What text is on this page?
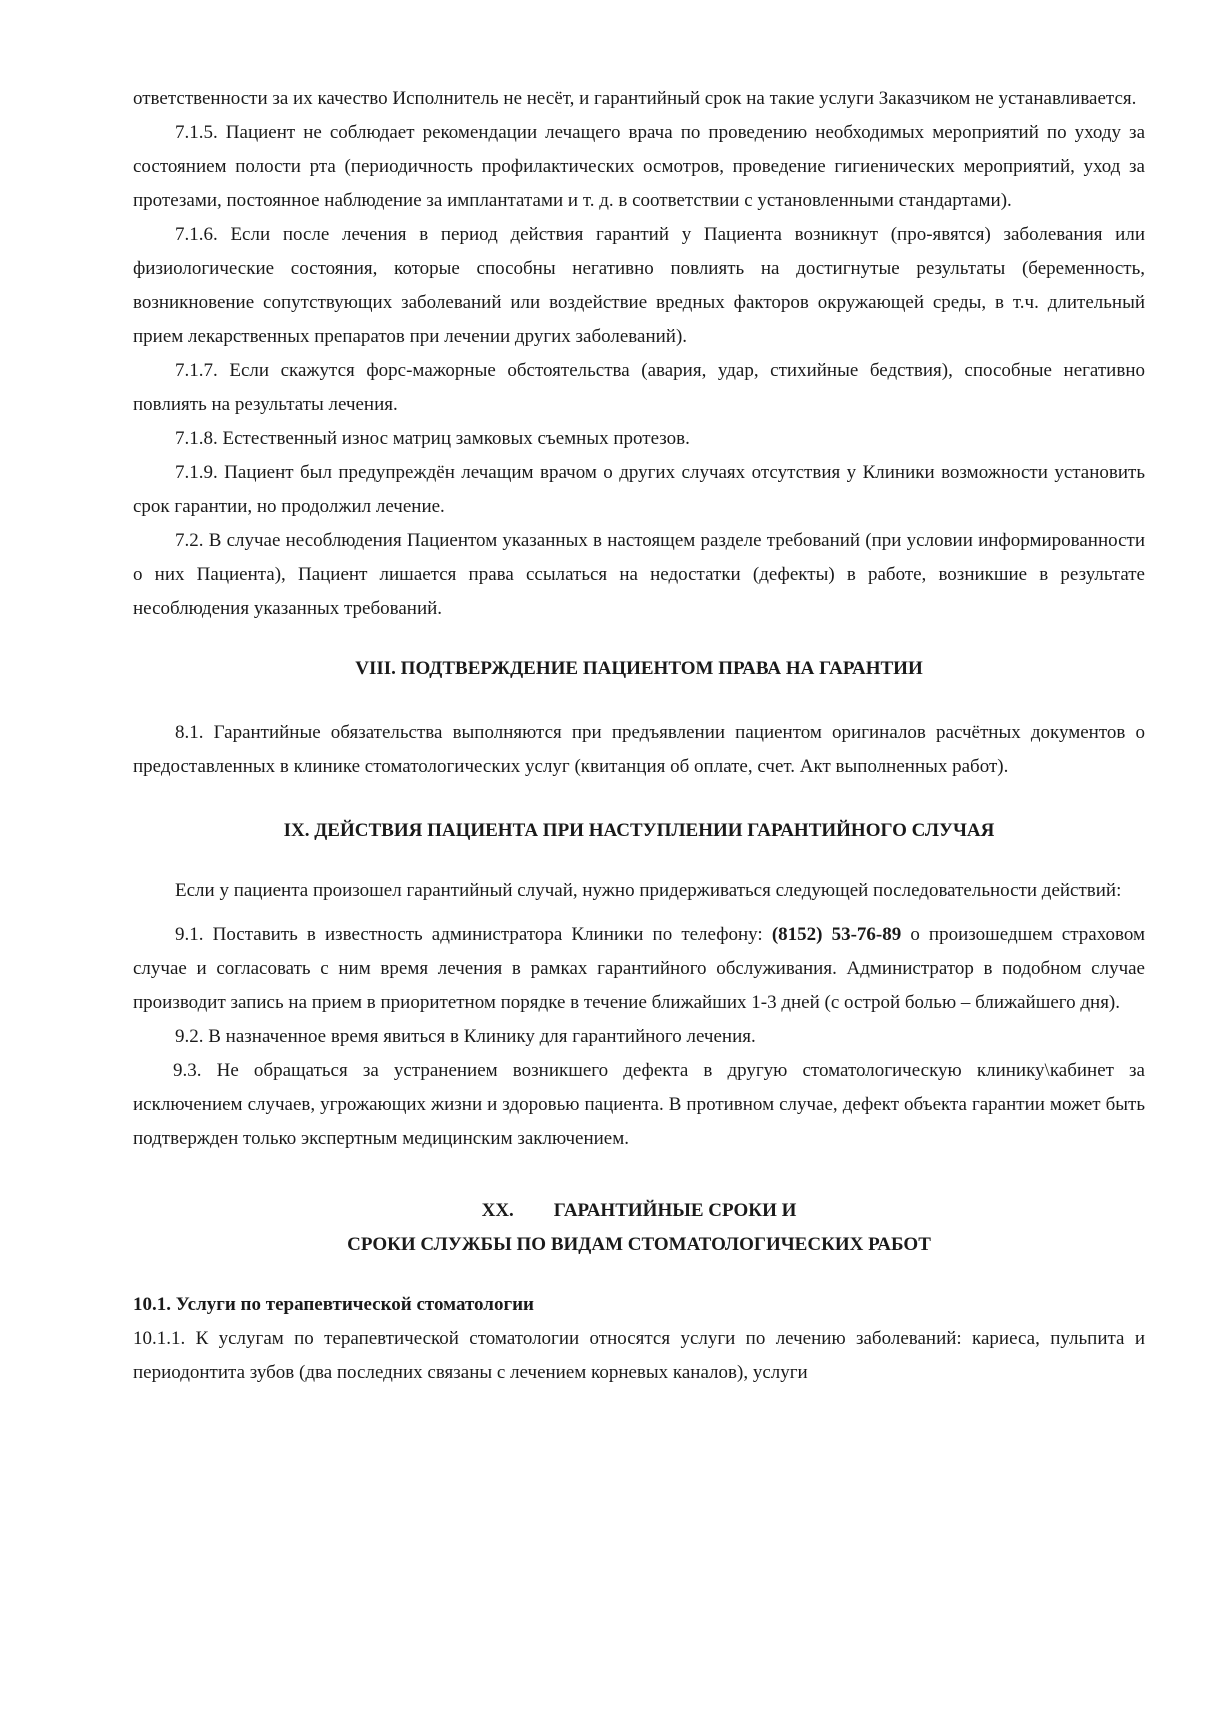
ответственности за их качество Исполнитель не несёт, и гарантийный срок на такие услуги Заказчиком не устанавливается.

7.1.5. Пациент не соблюдает рекомендации лечащего врача по проведению необходимых мероприятий по уходу за состоянием полости рта (периодичность профилактических осмотров, проведение гигиенических мероприятий, уход за протезами, постоянное наблюдение за имплантатами и т. д. в соответствии с установленными стандартами).

7.1.6. Если после лечения в период действия гарантий у Пациента возникнут (про-явятся) заболевания или физиологические состояния, которые способны негативно повлиять на достигнутые результаты (беременность, возникновение сопутствующих заболеваний или воздействие вредных факторов окружающей среды, в т.ч. длительный прием лекарственных препаратов при лечении других заболеваний).

7.1.7. Если скажутся форс-мажорные обстоятельства (авария, удар, стихийные бедствия), способные негативно повлиять на результаты лечения.

7.1.8. Естественный износ матриц замковых съемных протезов.

7.1.9. Пациент был предупреждён лечащим врачом о других случаях отсутствия у Клиники возможности установить срок гарантии, но продолжил лечение.

7.2. В случае несоблюдения Пациентом указанных в настоящем разделе требований (при условии информированности о них Пациента), Пациент лишается права ссылаться на недостатки (дефекты) в работе, возникшие в результате несоблюдения указанных требований.

VIII. ПОДТВЕРЖДЕНИЕ ПАЦИЕНТОМ ПРАВА НА ГАРАНТИИ

8.1. Гарантийные обязательства выполняются при предъявлении пациентом оригиналов расчётных документов о предоставленных в клинике стоматологических услуг (квитанция об оплате, счет. Акт выполненных работ).

IX. ДЕЙСТВИЯ ПАЦИЕНТА ПРИ НАСТУПЛЕНИИ ГАРАНТИЙНОГО СЛУЧАЯ

Если у пациента произошел гарантийный случай, нужно придерживаться следующей последовательности действий:

9.1. Поставить в известность администратора Клиники по телефону: (8152) 53-76-89 о произошедшем страховом случае и согласовать с ним время лечения в рамках гарантийного обслуживания. Администратор в подобном случае производит запись на прием в приоритетном порядке в течение ближайших 1-3 дней (с острой болью – ближайшего дня).

9.2. В назначенное время явиться в Клинику для гарантийного лечения.

9.3. Не обращаться за устранением возникшего дефекта в другую стоматологическую клинику\кабинет за исключением случаев, угрожающих жизни и здоровью пациента. В противном случае, дефект объекта гарантии может быть подтвержден только экспертным медицинским заключением.

XX. ГАРАНТИЙНЫЕ СРОКИ И
СРОКИ СЛУЖБЫ ПО ВИДАМ СТОМАТОЛОГИЧЕСКИХ РАБОТ

10.1. Услуги по терапевтической стоматологии

10.1.1. К услугам по терапевтической стоматологии относятся услуги по лечению заболеваний: кариеса, пульпита и периодонтита зубов (два последних связаны с лечением корневых каналов), услуги
